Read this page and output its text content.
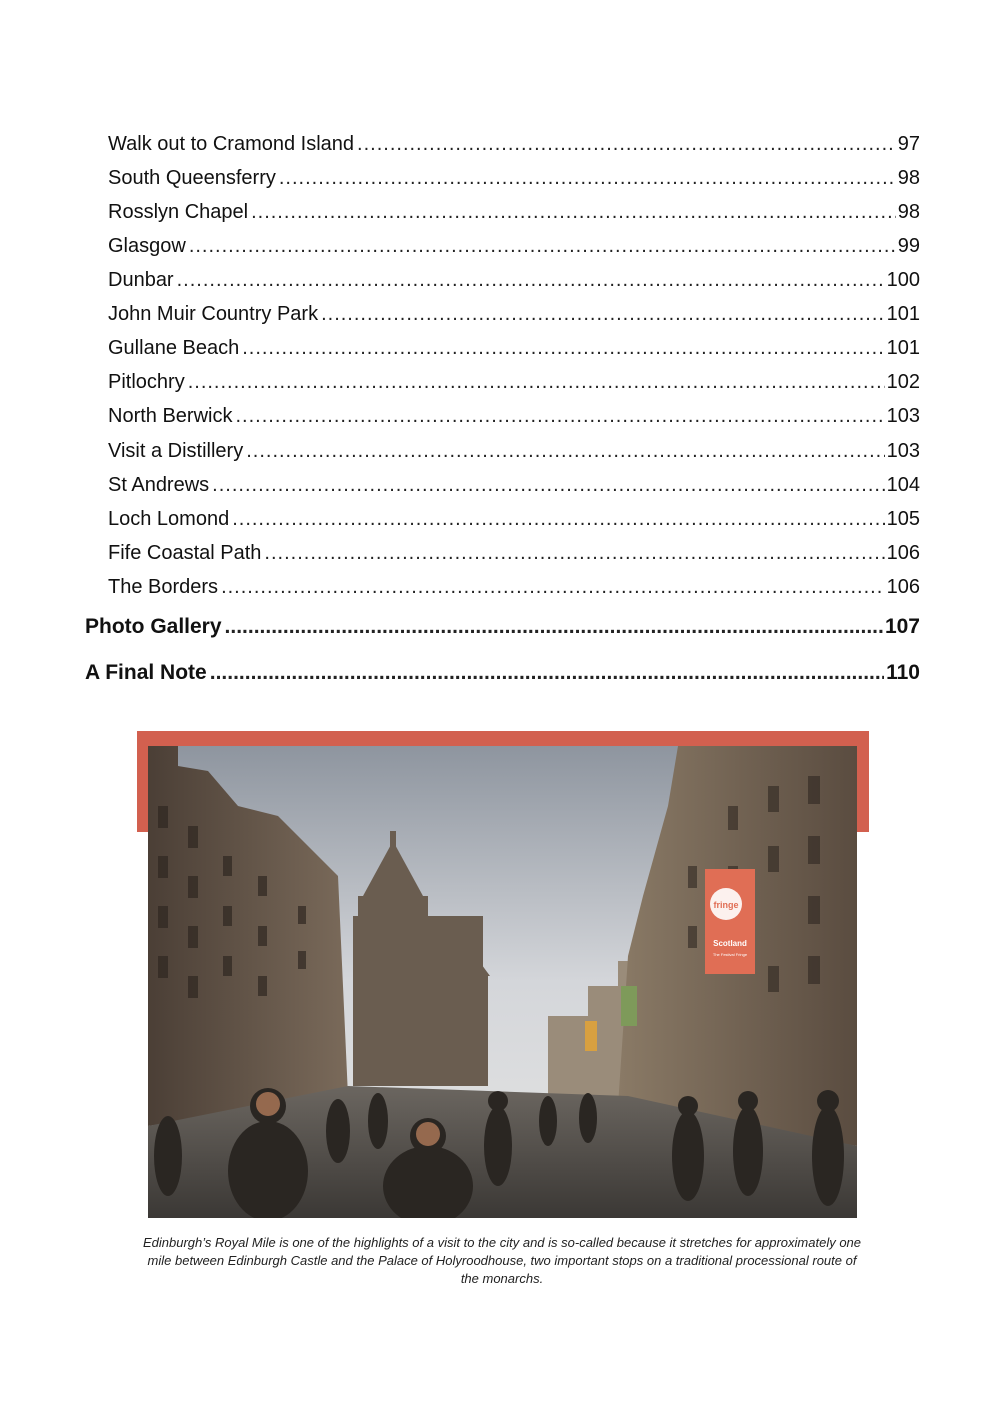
Walk out to Cramond Island .....	97
South Queensferry .....	98
Rosslyn Chapel .....	98
Glasgow .....	99
Dunbar .....	100
John Muir Country Park .....	101
Gullane Beach .....	101
Pitlochry .....	102
North Berwick .....	103
Visit a Distillery .....	103
St Andrews .....	104
Loch Lomond .....	105
Fife Coastal Path .....	106
The Borders .....	106
Photo Gallery .....	107
A Final Note .....	110
fringe
Scotland
The Festival Fringe
Edinburgh’s Royal Mile is one of the highlights of a visit to the city and is so-called because it stretches for approximately one mile between Edinburgh Castle and the Palace of Holyroodhouse, two important stops on a traditional processional route of the monarchs.
